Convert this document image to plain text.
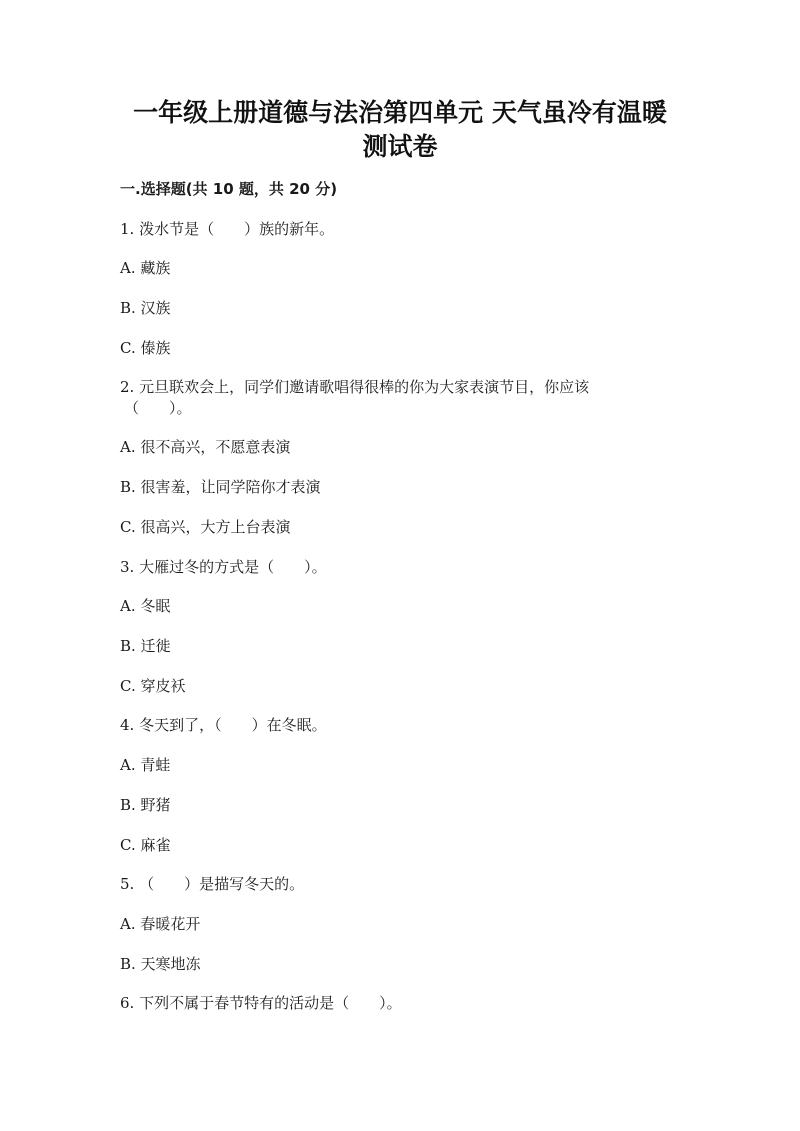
一年级上册道德与法治第四单元 天气虽冷有温暖
测试卷
一.选择题(共 10 题，共 20 分)
1. 泼水节是（　　）族的新年。
A. 藏族
B. 汉族
C. 傣族
2. 元旦联欢会上，同学们邀请歌唱得很棒的你为大家表演节目，你应该
（　　）。
A. 很不高兴，不愿意表演
B. 很害羞，让同学陪你才表演
C. 很高兴，大方上台表演
3. 大雁过冬的方式是（　　）。
A. 冬眠
B. 迁徙
C. 穿皮袄
4. 冬天到了，（　　）在冬眠。
A. 青蛙
B. 野猪
C. 麻雀
5. （　　）是描写冬天的。
A. 春暖花开
B. 天寒地冻
6. 下列不属于春节特有的活动是（　　）。
